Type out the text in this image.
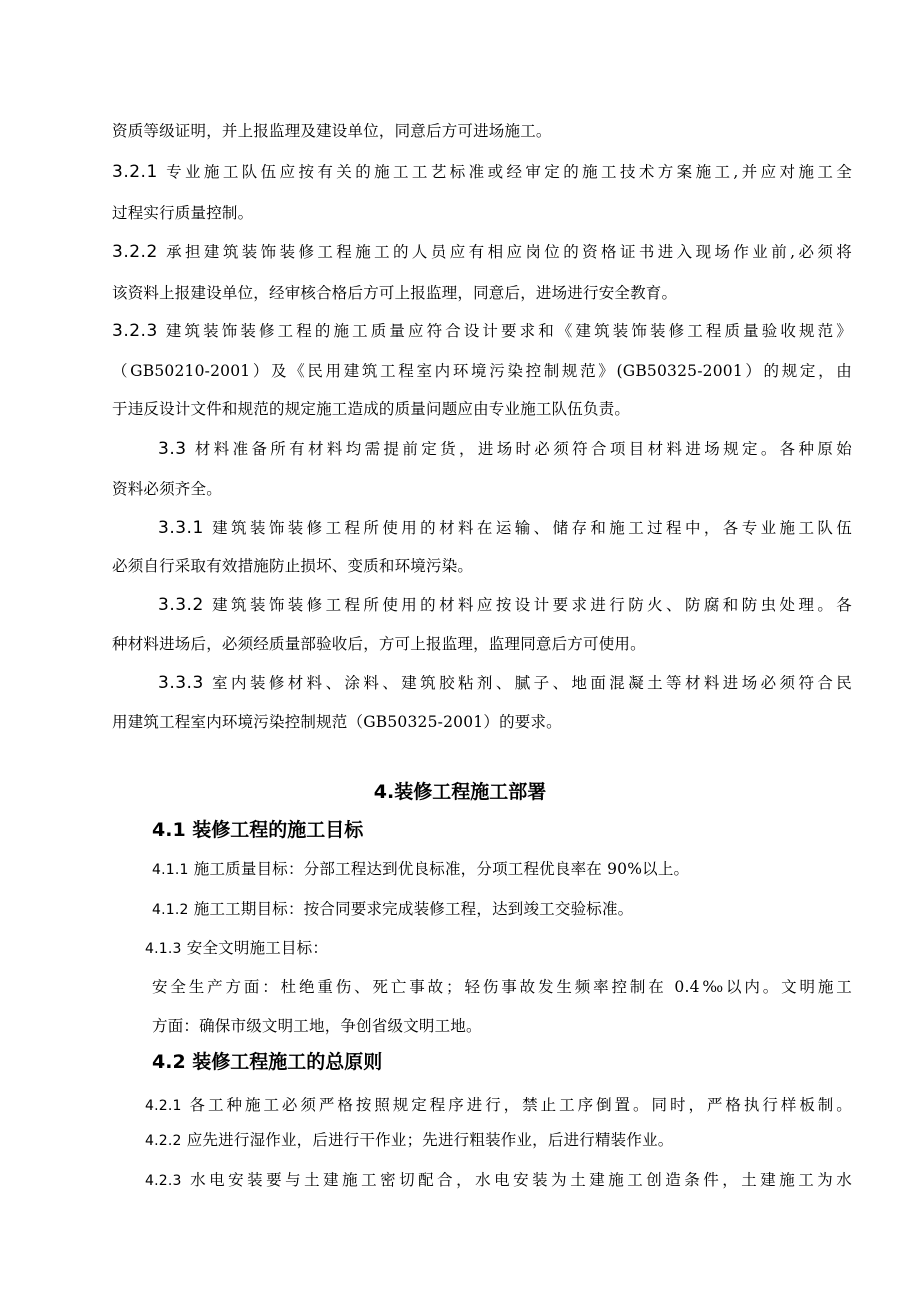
资质等级证明，并上报监理及建设单位，同意后方可进场施工。
3.2.1 专业施工队伍应按有关的施工工艺标准或经审定的施工技术方案施工,并应对施工全
过程实行质量控制。
3.2.2 承担建筑装饰装修工程施工的人员应有相应岗位的资格证书进入现场作业前,必须将
该资料上报建设单位，经审核合格后方可上报监理，同意后，进场进行安全教育。
3.2.3 建筑装饰装修工程的施工质量应符合设计要求和《建筑装饰装修工程质量验收规范》
（GB50210-2001）及《民用建筑工程室内环境污染控制规范》(GB50325-2001）的规定，由
于违反设计文件和规范的规定施工造成的质量问题应由专业施工队伍负责。
3.3 材料准备所有材料均需提前定货，进场时必须符合项目材料进场规定。各种原始
资料必须齐全。
3.3.1 建筑装饰装修工程所使用的材料在运输、储存和施工过程中，各专业施工队伍
必须自行采取有效措施防止损坏、变质和环境污染。
3.3.2 建筑装饰装修工程所使用的材料应按设计要求进行防火、防腐和防虫处理。各
种材料进场后，必须经质量部验收后，方可上报监理，监理同意后方可使用。
3.3.3 室内装修材料、涂料、建筑胶粘剂、腻子、地面混凝土等材料进场必须符合民
用建筑工程室内环境污染控制规范（GB50325-2001）的要求。
4.装修工程施工部署
4.1 装修工程的施工目标
4.1.1 施工质量目标：分部工程达到优良标准，分项工程优良率在 90%以上。
4.1.2 施工工期目标：按合同要求完成装修工程，达到竣工交验标准。
4.1.3 安全文明施工目标：
安全生产方面：杜绝重伤、死亡事故；轻伤事故发生频率控制在 0.4‰以内。文明施工
方面：确保市级文明工地，争创省级文明工地。
4.2 装修工程施工的总原则
4.2.1 各工种施工必须严格按照规定程序进行，禁止工序倒置。同时，严格执行样板制。
4.2.2 应先进行湿作业，后进行干作业；先进行粗装作业，后进行精装作业。
4.2.3 水电安装要与土建施工密切配合，水电安装为土建施工创造条件，土建施工为水
